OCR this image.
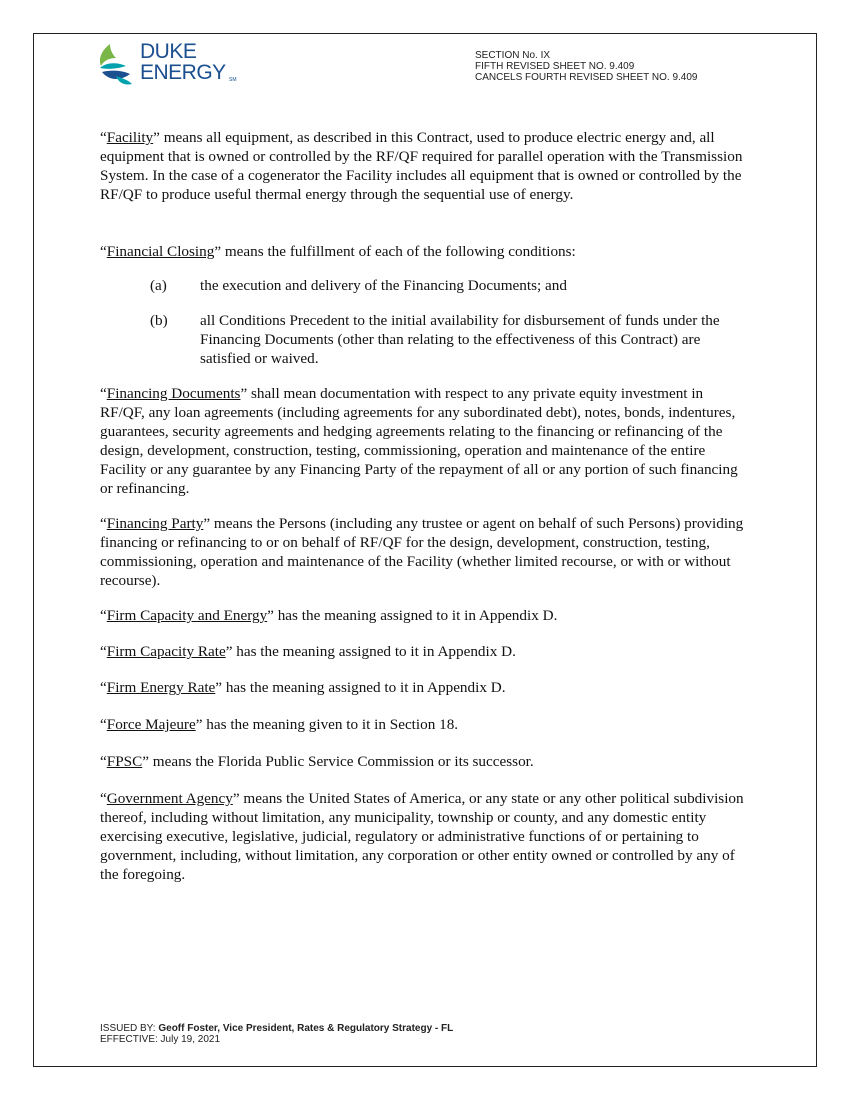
DUKE
ENERGY SM
SECTION No. IX
FIFTH REVISED SHEET NO. 9.409
CANCELS FOURTH REVISED SHEET NO. 9.409

“Facility” means all equipment, as described in this Contract, used to produce electric energy and, all equipment that is owned or controlled by the RF/QF required for parallel operation with the Transmission System. In the case of a cogenerator the Facility includes all equipment that is owned or controlled by the RF/QF to produce useful thermal energy through the sequential use of energy.

“Financial Closing” means the fulfillment of each of the following conditions:

(a) the execution and delivery of the Financing Documents; and

(b) all Conditions Precedent to the initial availability for disbursement of funds under the Financing Documents (other than relating to the effectiveness of this Contract) are satisfied or waived.

“Financing Documents” shall mean documentation with respect to any private equity investment in RF/QF, any loan agreements (including agreements for any subordinated debt), notes, bonds, indentures, guarantees, security agreements and hedging agreements relating to the financing or refinancing of the design, development, construction, testing, commissioning, operation and maintenance of the entire Facility or any guarantee by any Financing Party of the repayment of all or any portion of such financing or refinancing.

“Financing Party” means the Persons (including any trustee or agent on behalf of such Persons) providing financing or refinancing to or on behalf of RF/QF for the design, development, construction, testing, commissioning, operation and maintenance of the Facility (whether limited recourse, or with or without recourse).

“Firm Capacity and Energy” has the meaning assigned to it in Appendix D.

“Firm Capacity Rate” has the meaning assigned to it in Appendix D.

“Firm Energy Rate” has the meaning assigned to it in Appendix D.

“Force Majeure” has the meaning given to it in Section 18.

“FPSC” means the Florida Public Service Commission or its successor.

“Government Agency” means the United States of America, or any state or any other political subdivision thereof, including without limitation, any municipality, township or county, and any domestic entity exercising executive, legislative, judicial, regulatory or administrative functions of or pertaining to government, including, without limitation, any corporation or other entity owned or controlled by any of the foregoing.

ISSUED BY: Geoff Foster, Vice President, Rates & Regulatory Strategy - FL
EFFECTIVE: July 19, 2021
